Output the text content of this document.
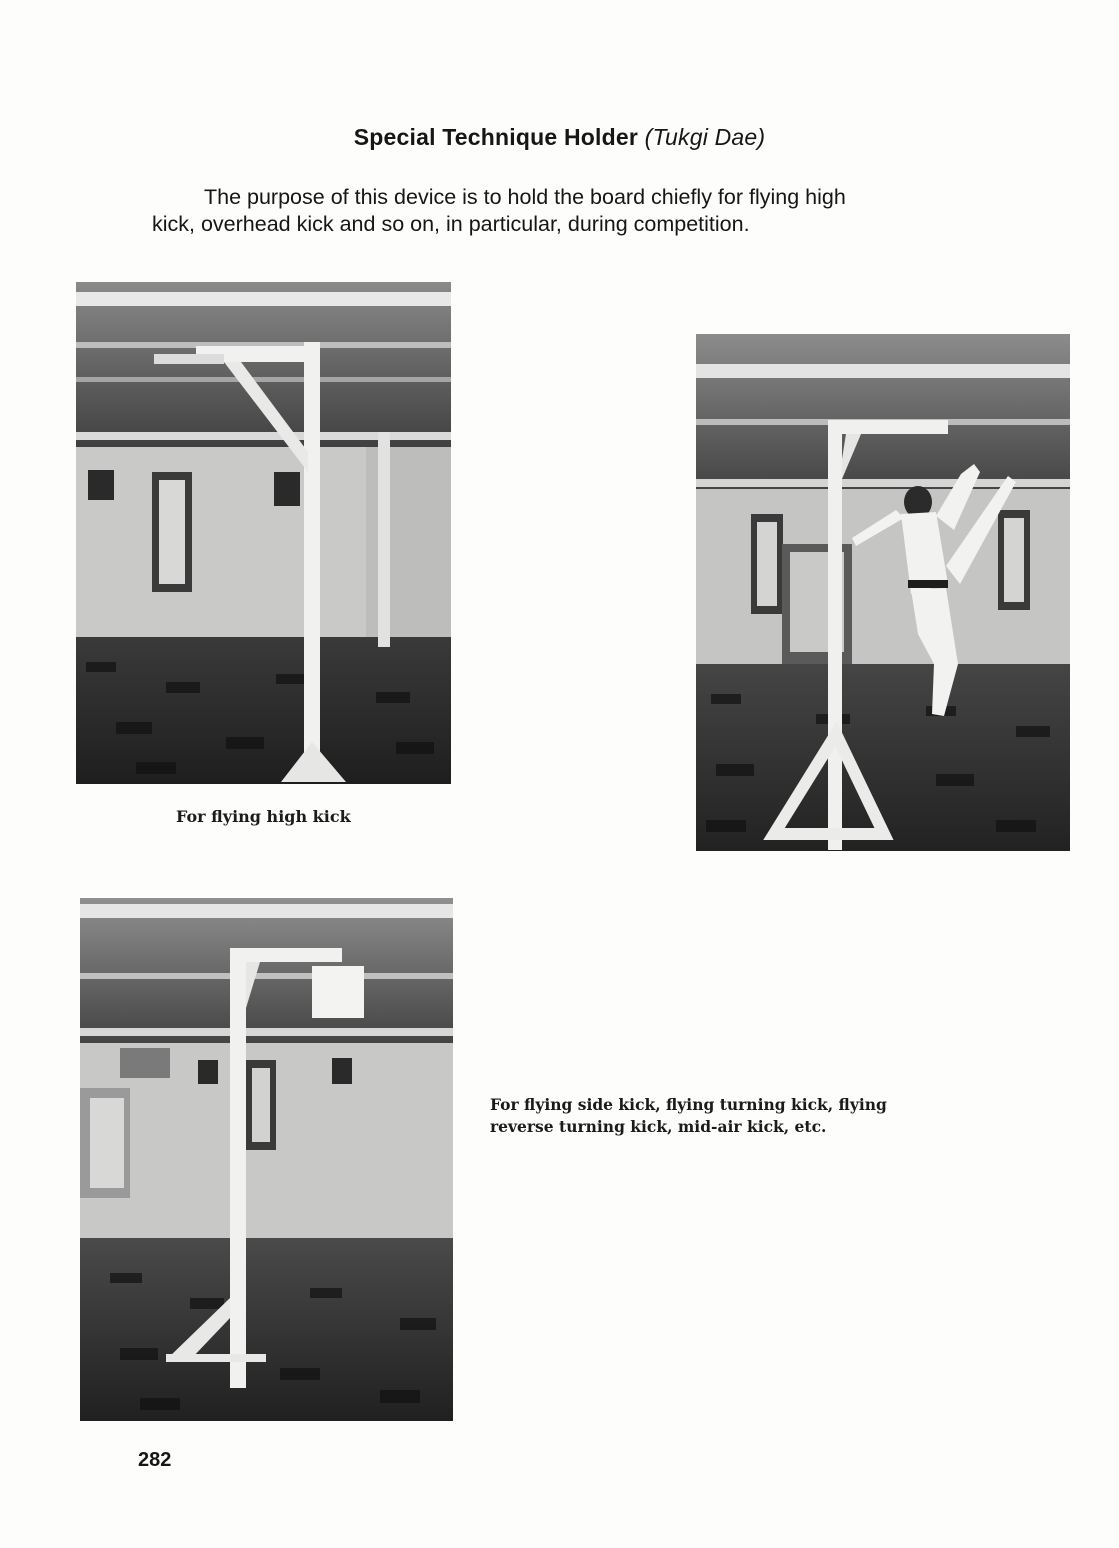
Special Technique Holder (Tukgi Dae)
The purpose of this device is to hold the board chiefly for flying high
kick, overhead kick and so on, in particular, during competition.
For flying high kick
For flying side kick, flying turning kick, flying
reverse turning kick, mid-air kick, etc.
282
